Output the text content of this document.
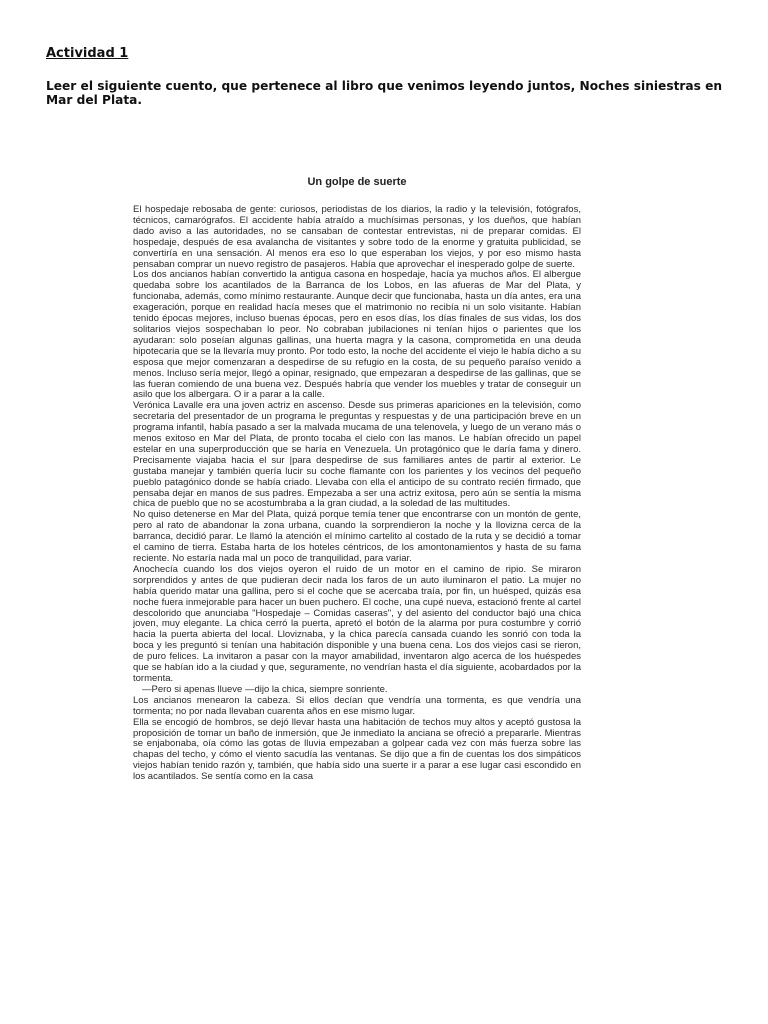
Actividad 1
Leer el siguiente cuento, que pertenece al libro que venimos leyendo juntos, Noches siniestras en Mar del Plata.
Un golpe de suerte

El hospedaje rebosaba de gente: curiosos, periodistas de los diarios, la radio y la televisión, fotógrafos, técnicos, camarógrafos. El accidente había atraído a muchísimas personas, y los dueños, que habían dado aviso a las autoridades, no se cansaban de contestar entrevistas, ni de preparar comidas. El hospedaje, después de esa avalancha de visitantes y sobre todo de la enorme y gratuita publicidad, se convertiría en una sensación. Al menos era eso lo que esperaban los viejos, y por eso mismo hasta pensaban comprar un nuevo registro de pasajeros. Había que aprovechar el inesperado golpe de suerte.

Los dos ancianos habían convertido la antigua casona en hospedaje, hacía ya muchos años. El albergue quedaba sobre los acantilados de la Barranca de los Lobos, en las afueras de Mar del Plata, y funcionaba, además, como mínimo restaurante. Aunque decir que funcionaba, hasta un día antes, era una exageración, porque en realidad hacía meses que el matrimonio no recibía ni un solo visitante. Habían tenido épocas mejores, incluso buenas épocas, pero en esos días, los días finales de sus vidas, los dos solitarios viejos sospechaban lo peor. No cobraban jubilaciones ni tenían hijos o parientes que los ayudaran: solo poseían algunas gallinas, una huerta magra y la casona, comprometida en una deuda hipotecaria que se la llevaría muy pronto. Por todo esto, la noche del accidente el viejo le había dicho a su esposa que mejor comenzaran a despedirse de su refugio en la costa, de su pequeño paraíso venido a menos. Incluso sería mejor, llegó a opinar, resignado, que empezaran a despedirse de las gallinas, que se las fueran comiendo de una buena vez. Después habría que vender los muebles y tratar de conseguir un asilo que los albergara. O ir a parar a la calle.

Verónica Lavalle era una joven actriz en ascenso. Desde sus primeras apariciones en la televisión, como secretaria del presentador de un programa le preguntas y respuestas y de una participación breve en un programa infantil, había pasado a ser la malvada mucama de una telenovela, y luego de un verano más o menos exitoso en Mar del Plata, de pronto tocaba el cielo con las manos. Le habían ofrecido un papel estelar en una superproducción que se haría en Venezuela. Un protagónico que le daría fama y dinero. Precisamente viajaba hacia el sur |para despedirse de sus familiares antes de partir al exterior. Le gustaba manejar y también quería lucir su coche flamante con los parientes y los vecinos del pequeño pueblo patagónico donde se había criado. Llevaba con ella el anticipo de su contrato recién firmado, que pensaba dejar en manos de sus padres. Empezaba a ser una actriz exitosa, pero aún se sentía la misma chica de pueblo que no se acostumbraba a la gran ciudad, a la soledad de las multitudes.

No quiso detenerse en Mar del Plata, quizá porque temía tener que encontrarse con un montón de gente, pero al rato de abandonar la zona urbana, cuando la sorprendieron la noche y la llovizna cerca de la barranca, decidió parar. Le llamó la atención el mínimo cartelito al costado de la ruta y se decidió a tomar el camino de tierra. Estaba harta de los hoteles céntricos, de los amontonamientos y hasta de su fama reciente. No estaría nada mal un poco de tranquilidad, para variar.

Anochecía cuando los dos viejos oyeron el ruido de un motor en el camino de ripio. Se miraron sorprendidos y antes de que pudieran decir nada los faros de un auto iluminaron el patio. La mujer no había querido matar una gallina, pero si el coche que se acercaba traía, por fin, un huésped, quizás esa noche fuera inmejorable para hacer un buen puchero. El coche, una cupé nueva, estacionó frente al cartel descolorido que anunciaba "Hospedaje – Comidas caseras", y del asiento del conductor bajó una chica joven, muy elegante. La chica cerró la puerta, apretó el botón de la alarma por pura costumbre y corrió hacia la puerta abierta del local. Lloviznaba, y la chica parecía cansada cuando les sonrió con toda la boca y les preguntó si tenían una habitación disponible y una buena cena. Los dos viejos casi se rieron, de puro felices. La invitaron a pasar con la mayor amabilidad, inventaron algo acerca de los huéspedes que se habían ido a la ciudad y que, seguramente, no vendrían hasta el día siguiente, acobardados por la tormenta.

—Pero si apenas llueve —dijo la chica, siempre sonriente.

Los ancianos menearon la cabeza. Si ellos decían que vendría una tormenta, es que vendría una tormenta; no por nada llevaban cuarenta años en ese mismo lugar.

Ella se encogió de hombros, se dejó llevar hasta una habitación de techos muy altos y aceptó gustosa la proposición de tomar un baño de inmersión, que Je inmediato la anciana se ofreció a prepararle. Mientras se enjabonaba, oía cómo las gotas de lluvia empezaban a golpear cada vez con más fuerza sobre las chapas del techo, y cómo el viento sacudía las ventanas. Se dijo que a fin de cuentas los dos simpáticos viejos habían tenido razón y, también, que había sido una suerte ir a parar a ese lugar casi escondido en los acantilados. Se sentía como en la casa
